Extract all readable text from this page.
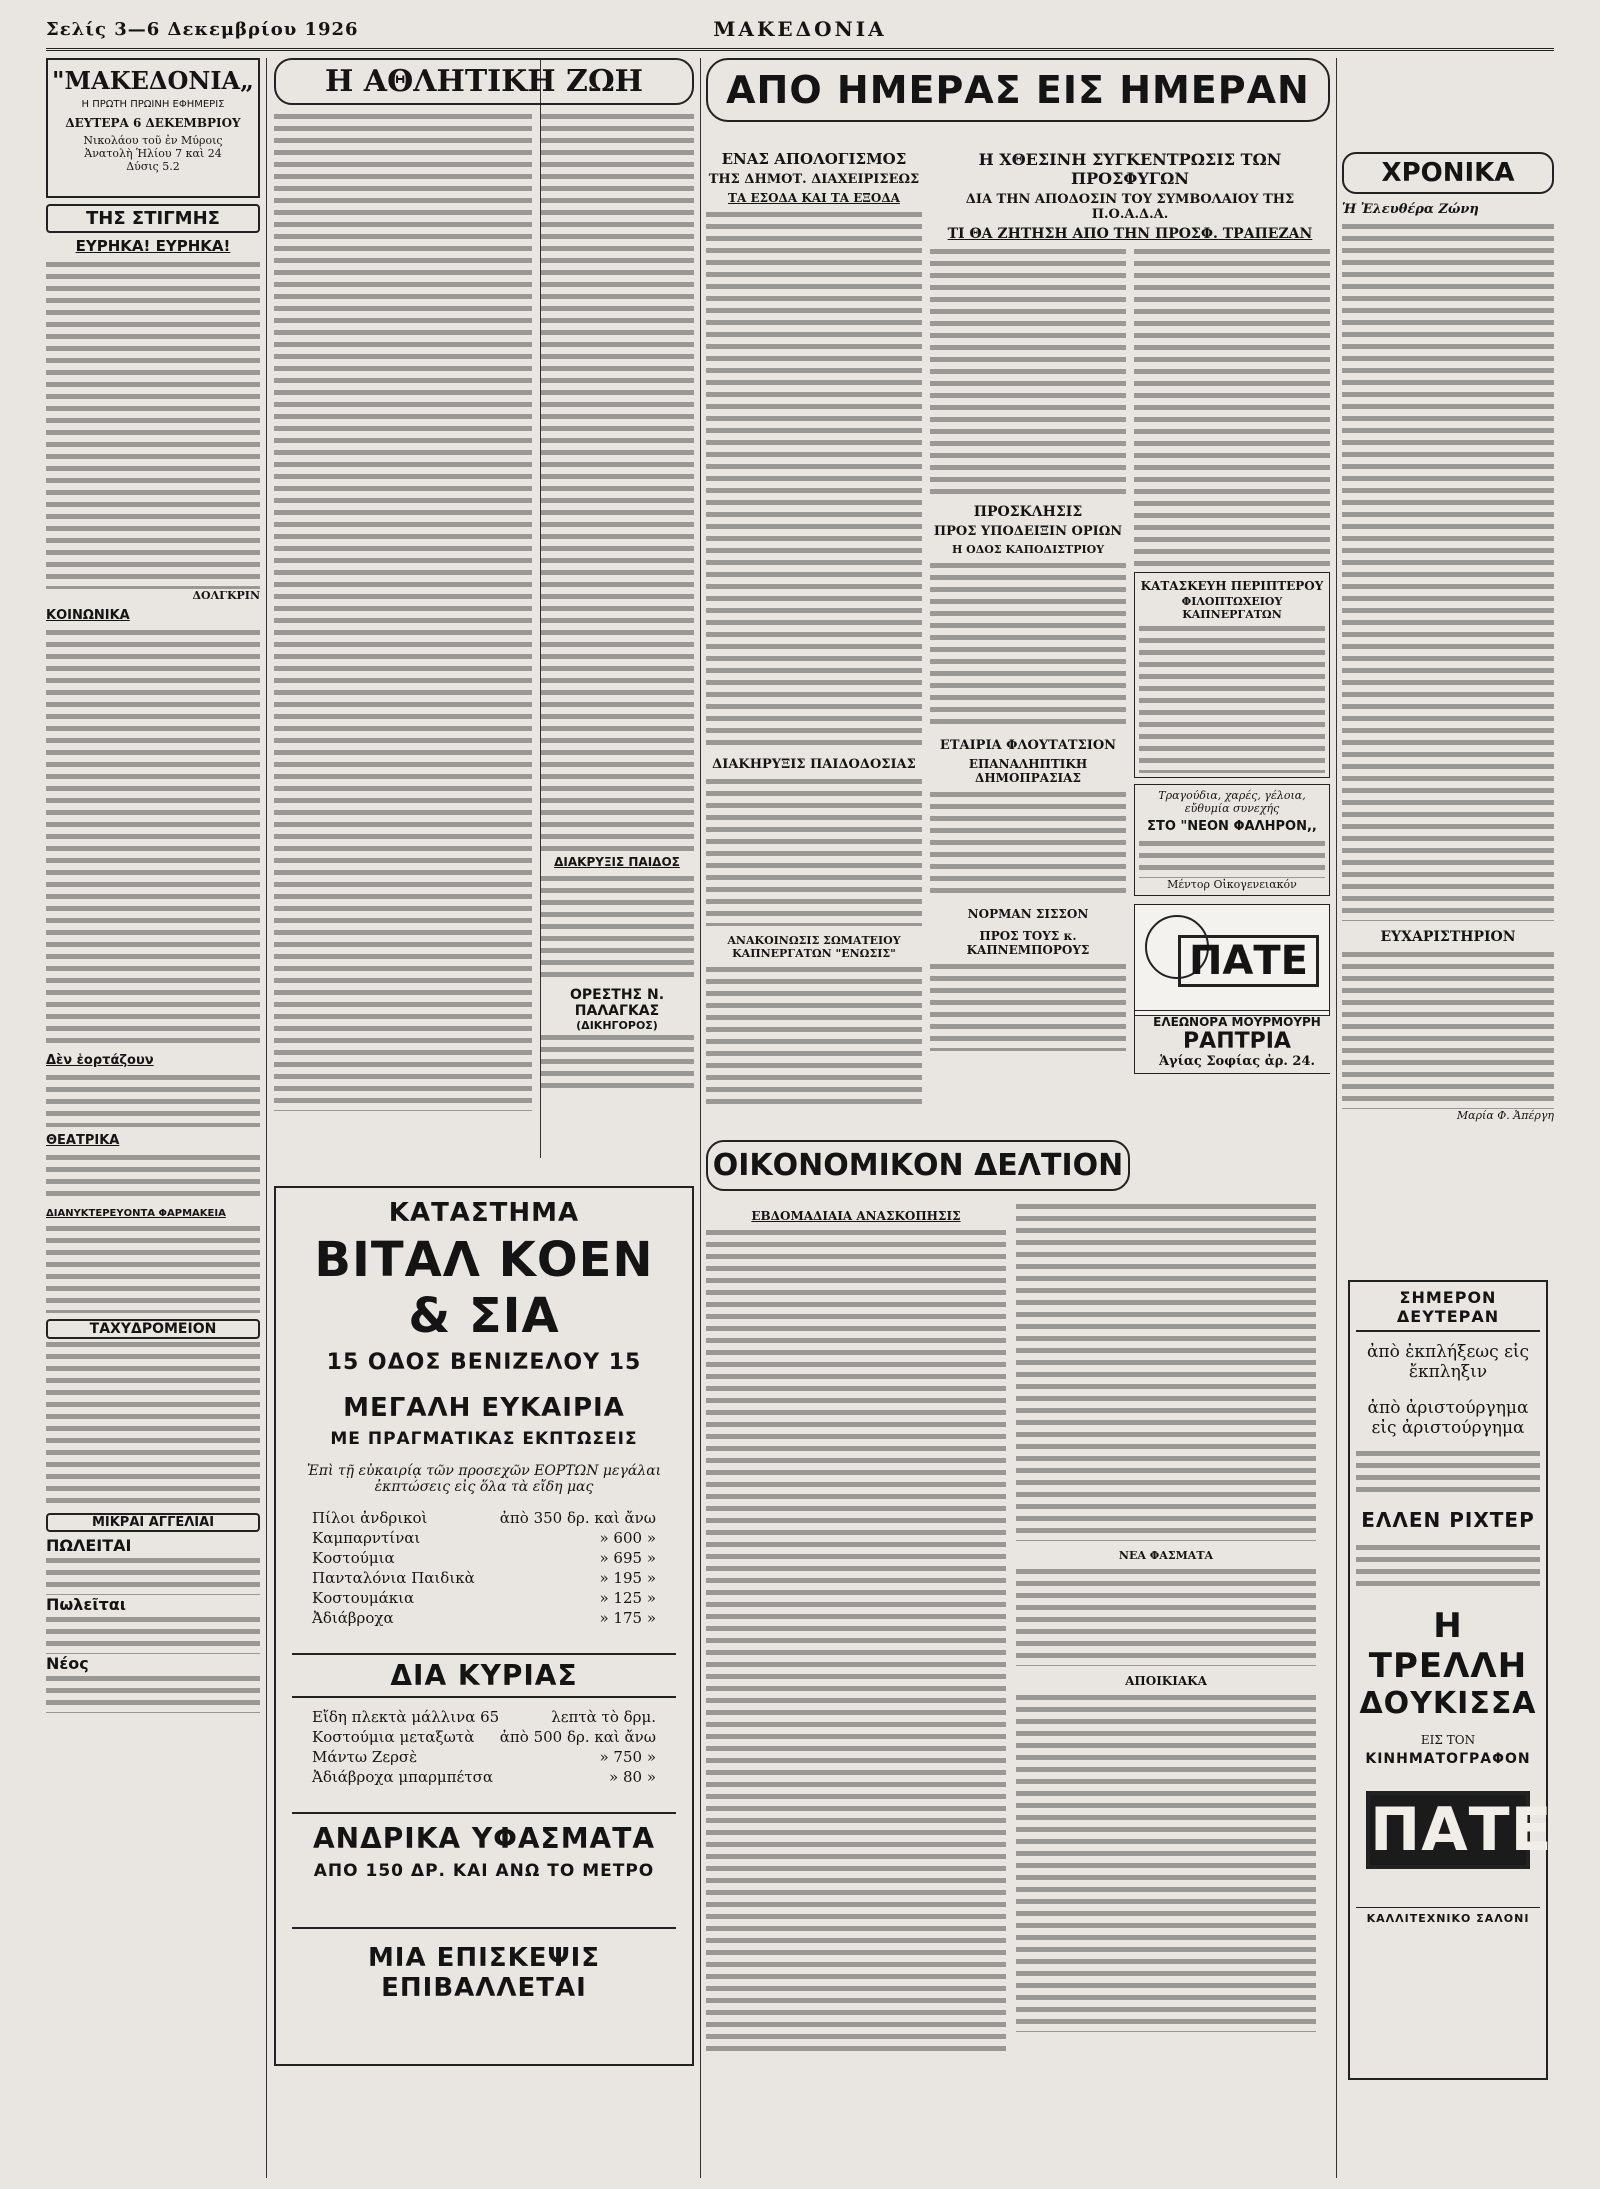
Σελίς 3—6 Δεκεμβρίου 1926	ΜΑΚΕΔΟΝΙΑ
"ΜΑΚΕΔΟΝΙΑ„
Η ΠΡΩΤΗ ΠΡΩΙΝΗ ΕΦΗΜΕΡΙΣ
ΔΕΥΤΕΡΑ 6 ΔΕΚΕΜΒΡΙΟΥ
Νικολάου τοῦ ἐν Μύροις
Ἀνατολὴ Ἡλίου 7 καὶ 24
Δύσις 5.2
ΤΗΣ ΣΤΙΓΜΗΣ
ΕΥΡΗΚΑ! ΕΥΡΗΚΑ!
ΔΟΛΓΚΡΙΝ
ΚΟΙΝΩΝΙΚΑ
Δὲν ἑορτάζουν
ΘΕΑΤΡΙΚΑ
ΔΙΑΝΥΚΤΕΡΕΥΟΝΤΑ ΦΑΡΜΑΚΕΙΑ
ΤΑΧΥΔΡΟΜΕΙΟΝ
ΜΙΚΡΑΙ ΑΓΓΕΛΙΑΙ
ΠΩΛΕΙΤΑΙ
Πωλεῖται
Νέος
Η ΑΘΛΗΤΙΚΗ ΖΩΗ
ΔΙΑΚΡΥΞΙΣ ΠΑΙΔΟΣ
ΟΡΕΣΤΗΣ Ν. ΠΑΛΑΓΚΑΣ
(ΔΙΚΗΓΟΡΟΣ)
ΚΑΤΑΣΤΗΜΑ
ΒΙΤΑΛ ΚΟΕΝ & ΣΙΑ
15 ΟΔΟΣ ΒΕΝΙΖΕΛΟΥ 15
ΜΕΓΑΛΗ ΕΥΚΑΙΡΙΑ
ΜΕ ΠΡΑΓΜΑΤΙΚΑΣ ΕΚΠΤΩΣΕΙΣ
Ἐπὶ τῇ εὐκαιρίᾳ τῶν προσεχῶν ΕΟΡΤΩΝ μεγάλαι ἐκπτώσεις εἰς ὅλα τὰ εἴδη μας
Πίλοι ἀνδρικοὶ	ἀπὸ 350 δρ. καὶ ἄνω
Καμπαρντίναι	» 600 »
Κοστούμια	» 695 »
Πανταλόνια Παιδικὰ	» 195 »
Κοστουμάκια	» 125 »
Ἀδιάβροχα	» 175 »
ΔΙΑ ΚΥΡΙΑΣ
Εἴδη πλεκτὰ μάλλινα 65	λεπτὰ τὸ δρμ.
Κοστούμια μεταξωτὰ ἀπὸ 500 δρ. καὶ ἄνω
Μάντω Ζερσὲ	» 750 »
Ἀδιάβροχα μπαρμπέτσα	» 80 »
ΑΝΔΡΙΚΑ ΥΦΑΣΜΑΤΑ
ΑΠΟ 150 ΔΡ. ΚΑΙ ΑΝΩ ΤΟ ΜΕΤΡΟ
ΜΙΑ ΕΠΙΣΚΕΨΙΣ ΕΠΙΒΑΛΛΕΤΑΙ
ΑΠΟ ΗΜΕΡΑΣ ΕΙΣ ΗΜΕΡΑΝ
ΕΝΑΣ ΑΠΟΛΟΓΙΣΜΟΣ
ΤΗΣ ΔΗΜΟΤ. ΔΙΑΧΕΙΡΙΣΕΩΣ
ΤΑ ΕΣΟΔΑ ΚΑΙ ΤΑ ΕΞΟΔΑ
ΔΙΑΚΗΡΥΞΙΣ ΠΑΙΔΟΔΟΣΙΑΣ
ΑΝΑΚΟΙΝΩΣΙΣ ΣΩΜΑΤΕΙΟΥ ΚΑΠΝΕΡΓΑΤΩΝ "ΕΝΩΣΙΣ"
ΟΙΚΟΝΟΜΙΚΟΝ ΔΕΛΤΙΟΝ
ΕΒΔΟΜΑΔΙΑΙΑ ΑΝΑΣΚΟΠΗΣΙΣ
ΝΕΑ ΦΑΣΜΑΤΑ
ΑΠΟΙΚΙΑΚΑ
Η ΧΘΕΣΙΝΗ ΣΥΓΚΕΝΤΡΩΣΙΣ ΤΩΝ ΠΡΟΣΦΥΓΩΝ
ΔΙΑ ΤΗΝ ΑΠΟΔΟΣΙΝ ΤΟΥ ΣΥΜΒΟΛΑΙΟΥ ΤΗΣ Π.Ο.Α.Δ.Α.
ΤΙ ΘΑ ΖΗΤΗΣΗ ΑΠΟ ΤΗΝ ΠΡΟΣΦ. ΤΡΑΠΕΖΑΝ
ΠΡΟΣΚΛΗΣΙΣ
ΠΡΟΣ ΥΠΟΔΕΙΞΙΝ ΟΡΙΩΝ
Η ΟΔΟΣ ΚΑΠΟΔΙΣΤΡΙΟΥ
ΕΤΑΙΡΙΑ ΦΛΟΥΤΑΤΣΙΟΝ
ΕΠΑΝΑΛΗΠΤΙΚΗ ΔΗΜΟΠΡΑΣΙΑΣ
ΝΟΡΜΑΝ ΣΙΣΣΟΝ
ΠΡΟΣ ΤΟΥΣ κ. ΚΑΠΝΕΜΠΟΡΟΥΣ
ΚΑΤΑΣΚΕΥΗ ΠΕΡΙΠΤΕΡΟΥ
ΦΙΛΟΠΤΩΧΕΙΟΥ ΚΑΠΝΕΡΓΑΤΩΝ
Τραγούδια, χαρές, γέλοια, εὔθυμία συνεχής
ΣΤΟ "ΝΕΟΝ ΦΑΛΗΡΟΝ,,
Μέντορ Οἰκογενειακόν
ΠΑΤΕ
ΕΛΕΩΝΟΡΑ ΜΟΥΡΜΟΥΡΗ
ΡΑΠΤΡΙΑ
Ἁγίας Σοφίας ἀρ. 24.
ΧΡΟΝΙΚΑ
Ἡ Ἐλευθέρα Ζώνη
ΕΥΧΑΡΙΣΤΗΡΙΟΝ
Μαρία Φ. Ἀπέργη
ΣΗΜΕΡΟΝ ΔΕΥΤΕΡΑΝ
ἀπὸ ἐκπλήξεως εἰς ἔκπληξιν
ἀπὸ ἀριστούργημα εἰς ἀριστούργημα
ΕΛΛΕΝ ΡΙΧΤΕΡ
Η ΤΡΕΛΛΗ
ΔΟΥΚΙΣΣΑ
ΕΙΣ ΤΟΝ
ΚΙΝΗΜΑΤΟΓΡΑΦΟΝ
ΠΑΤΕ
ΚΑΛΛΙΤΕΧΝΙΚΟ ΣΑΛΟΝΙ
